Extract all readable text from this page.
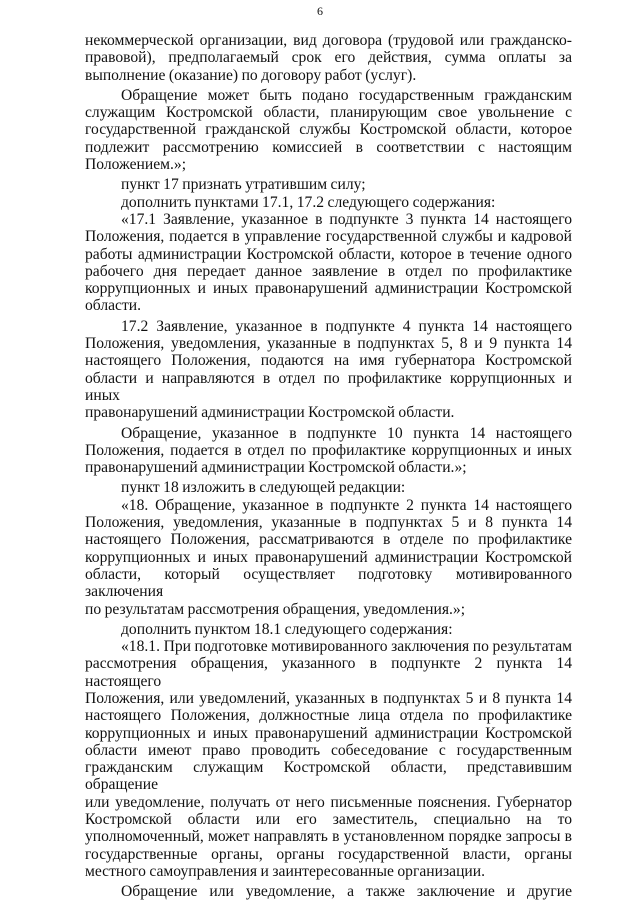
6
некоммерческой организации, вид договора (трудовой или гражданско-
правовой), предполагаемый срок его действия, сумма оплаты за
выполнение (оказание) по договору работ (услуг).
Обращение может быть подано государственным гражданским
служащим Костромской области, планирующим свое увольнение с
государственной гражданской службы Костромской области, которое
подлежит рассмотрению комиссией в соответствии с настоящим
Положением.»;
пункт 17 признать утратившим силу;
дополнить пунктами 17.1, 17.2 следующего содержания:
«17.1 Заявление, указанное в подпункте 3 пункта 14 настоящего
Положения, подается в управление государственной службы и кадровой
работы администрации Костромской области, которое в течение одного
рабочего дня передает данное заявление в отдел по профилактике
коррупционных и иных правонарушений администрации Костромской
области.
17.2 Заявление, указанное в подпункте 4 пункта 14 настоящего
Положения, уведомления, указанные в подпунктах 5, 8 и 9 пункта 14
настоящего Положения, подаются на имя губернатора Костромской
области и направляются в отдел по профилактике коррупционных и иных
правонарушений администрации Костромской области.
Обращение, указанное в подпункте 10 пункта 14 настоящего
Положения, подается в отдел по профилактике коррупционных и иных
правонарушений администрации Костромской области.»;
пункт 18 изложить в следующей редакции:
«18. Обращение, указанное в подпункте 2 пункта 14 настоящего
Положения, уведомления, указанные в подпунктах 5 и 8 пункта 14
настоящего Положения, рассматриваются в отделе по профилактике
коррупционных и иных правонарушений администрации Костромской
области, который осуществляет подготовку мотивированного заключения
по результатам рассмотрения обращения, уведомления.»;
дополнить пунктом 18.1 следующего содержания:
«18.1. При подготовке мотивированного заключения по результатам
рассмотрения обращения, указанного в подпункте 2 пункта 14 настоящего
Положения, или уведомлений, указанных в подпунктах 5 и 8 пункта 14
настоящего Положения, должностные лица отдела по профилактике
коррупционных и иных правонарушений администрации Костромской
области имеют право проводить собеседование с государственным
гражданским служащим Костромской области, представившим обращение
или уведомление, получать от него письменные пояснения. Губернатор
Костромской области или его заместитель, специально на то
уполномоченный, может направлять в установленном порядке запросы в
государственные органы, органы государственной власти, органы
местного самоуправления и заинтересованные организации.
Обращение или уведомление, а также заключение и другие
